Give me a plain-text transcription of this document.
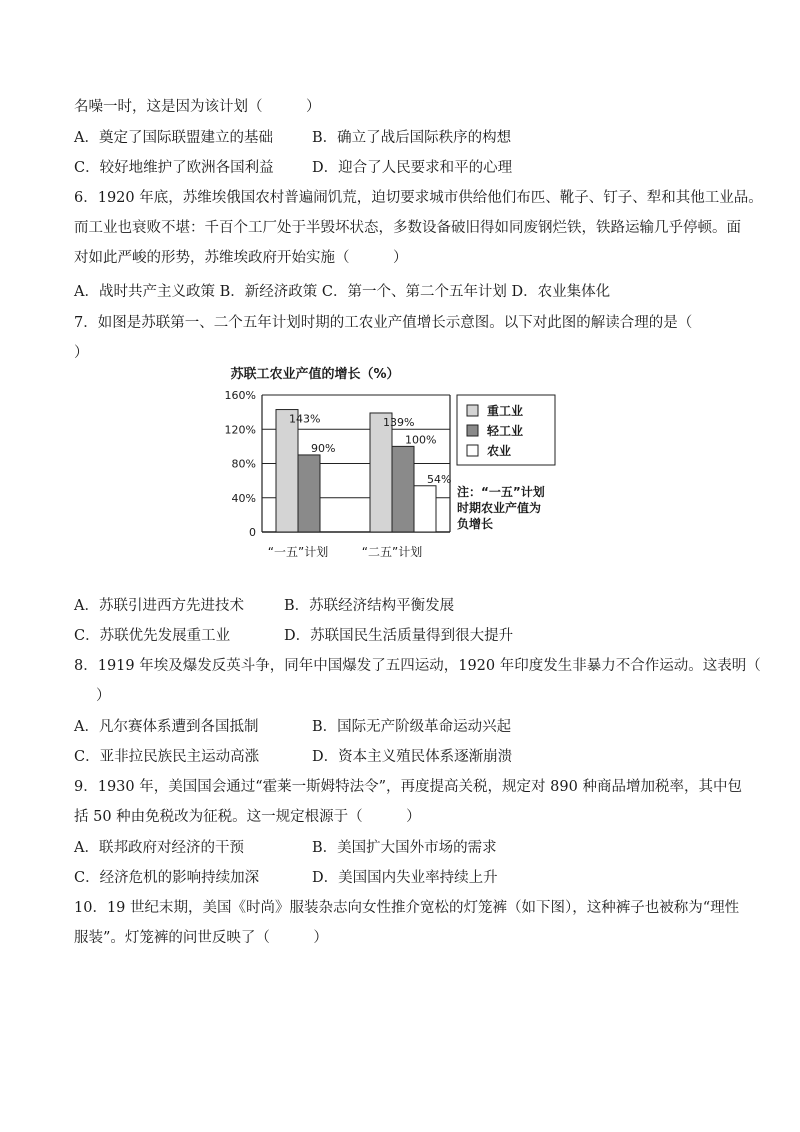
名噪一时，这是因为该计划（　　　）
A．奠定了国际联盟建立的基础	B．确立了战后国际秩序的构想
C．较好地维护了欧洲各国利益	D．迎合了人民要求和平的心理
6．1920 年底，苏维埃俄国农村普遍闹饥荒，迫切要求城市供给他们布匹、靴子、钉子、犁和其他工业品。
而工业也衰败不堪：千百个工厂处于半毁坏状态，多数设备破旧得如同废钢烂铁，铁路运输几乎停顿。面
对如此严峻的形势，苏维埃政府开始实施（　　　）
A．战时共产主义政策 B．新经济政策 C．第一个、第二个五年计划 D．农业集体化
7．如图是苏联第一、二个五年计划时期的工农业产值增长示意图。以下对此图的解读合理的是（
）
苏联工农业产值的增长（%）
143%
90%
139%
100%
54%
0
40%
80%
120%
160%
“一五”计划	“二五”计划
重工业
轻工业
农业
注：“一五”计划
时期农业产值为
负增长
A．苏联引进西方先进技术	B．苏联经济结构平衡发展
C．苏联优先发展重工业	D．苏联国民生活质量得到很大提升
8．1919 年埃及爆发反英斗争，同年中国爆发了五四运动，1920 年印度发生非暴力不合作运动。这表明（
）
A．凡尔赛体系遭到各国抵制	B．国际无产阶级革命运动兴起
C．亚非拉民族民主运动高涨	D．资本主义殖民体系逐渐崩溃
9．1930 年，美国国会通过“霍莱一斯姆特法令”，再度提高关税，规定对 890 种商品增加税率，其中包
括 50 种由免税改为征税。这一规定根源于（　　　）
A．联邦政府对经济的干预	B．美国扩大国外市场的需求
C．经济危机的影响持续加深	D．美国国内失业率持续上升
10．19 世纪末期，美国《时尚》服装杂志向女性推介宽松的灯笼裤（如下图），这种裤子也被称为“理性
服装”。灯笼裤的问世反映了（　　　）
